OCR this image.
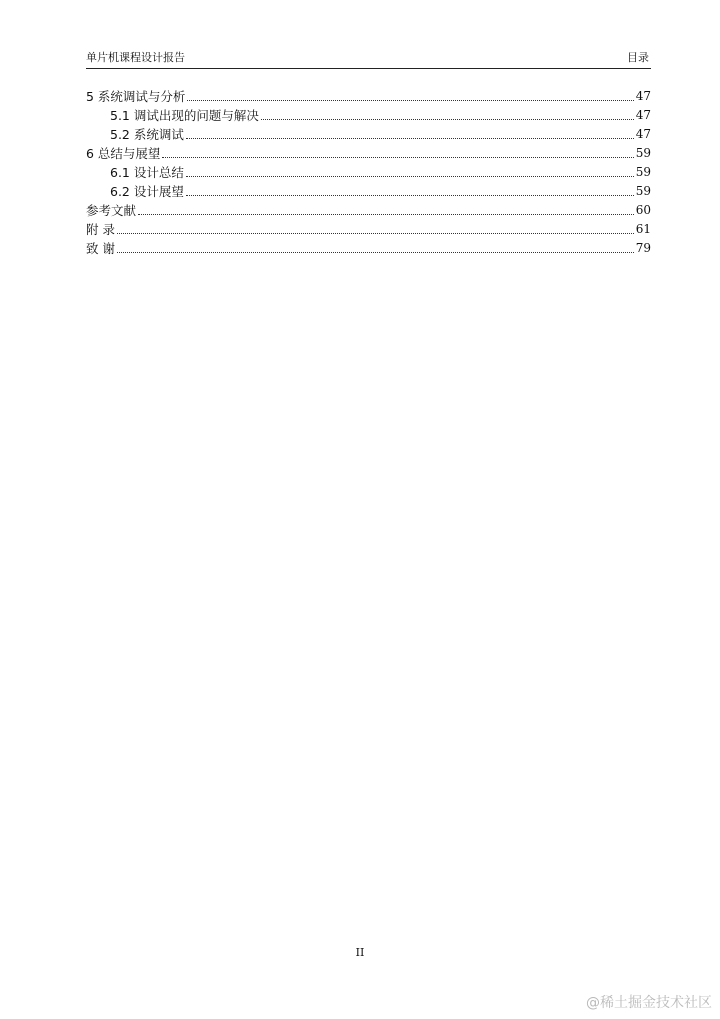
单片机课程设计报告	目录
5 系统调试与分析	47
5.1 调试出现的问题与解决	47
5.2 系统调试	47
6 总结与展望	59
6.1 设计总结	59
6.2 设计展望	59
参考文献	60
附 录	61
致 谢	79
II
@稀土掘金技术社区
